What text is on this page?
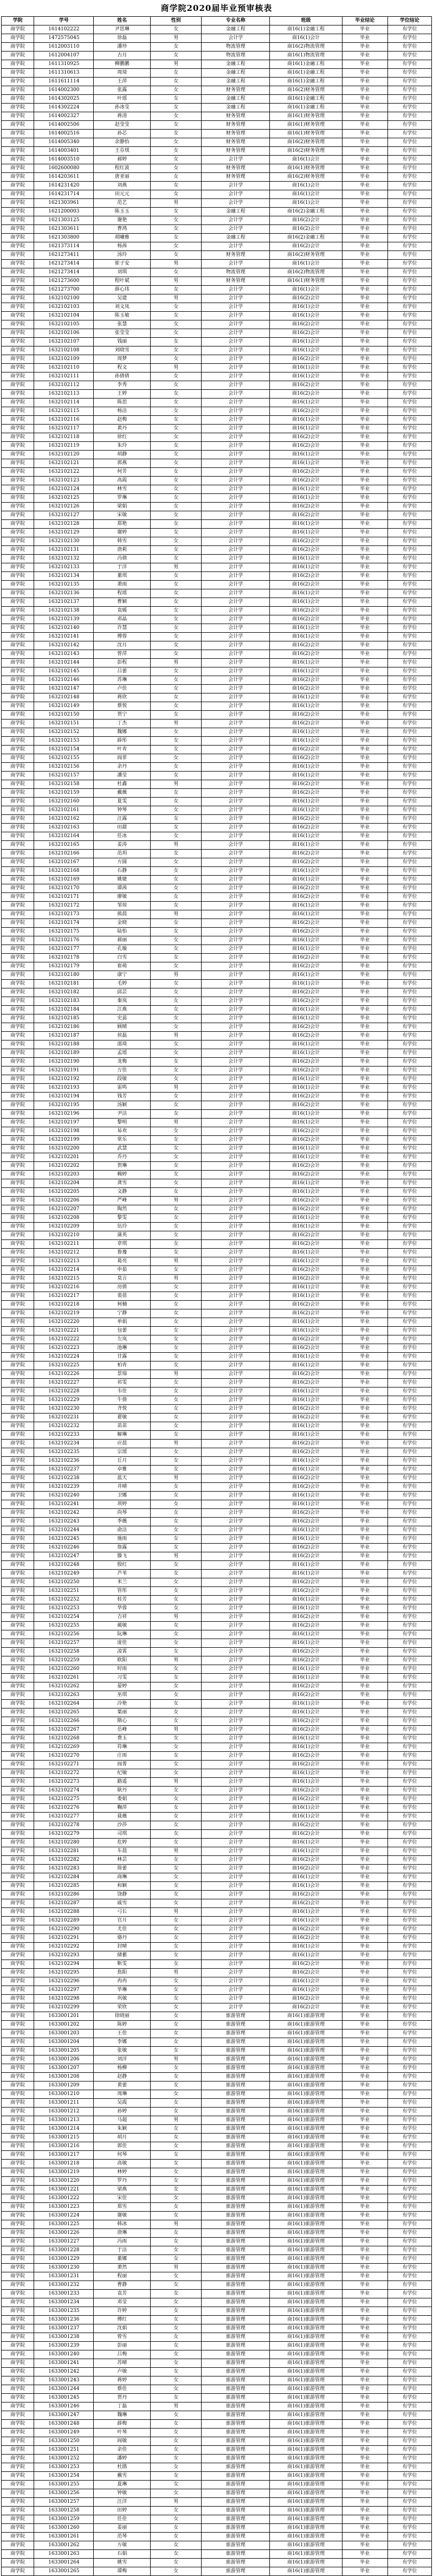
商学院2020届毕业预审核表
学院	学号	姓名	性别	专业名称	班级	毕业结论	学位结论
商学院	1614102222	尹思琳	女	金融工程	商16(1)金融工程	毕业	有学位
商学院	1472575045	徐磊	男	会计学	商16(1)会计	毕业	有学位
商学院	1612003110	潘珍	女	物流管理	商16(2)物流管理	毕业	有学位
商学院	1612004107	古月	女	物流管理	商16(1)物流管理	毕业	有学位
商学院	1611310925	柳鹏鹏	男	金融工程	商16(1)金融工程	毕业	有学位
商学院	1611310613	周琦	女	金融工程	商16(1)金融工程	毕业	有学位
商学院	1611611114	王萍	女	金融工程	商16(1)金融工程	毕业	有学位
商学院	1614002300	张露	女	财务管理	商16(2)财务管理	毕业	有学位
商学院	1614302025	叶瑶	女	金融工程	商16(1)金融工程	毕业	有学位
商学院	1614302224	孙冰莹	女	金融工程	商16(1)金融工程	毕业	有学位
商学院	1614002327	蒋清	女	财务管理	商16(1)财务管理	毕业	有学位
商学院	1614002506	赵莹莹	女	财务管理	商16(1)财务管理	毕业	有学位
商学院	1614002516	孙芯	女	财务管理	商16(1)财务管理	毕业	有学位
商学院	1614005340	余静怡	女	财务管理	商16(2)财务管理	毕业	有学位
商学院	1614003401	王芬琪	女	财务管理	商16(2)财务管理	毕业	有学位
商学院	1614003510	郝婷	女	会计学	商16(1)会计	毕业	有学位
商学院	1602600080	程红波	女	财务管理	商16(1)财务管理	毕业	有学位
商学院	1614203611	唐亚丽	女	财务管理	商16(2)财务管理	毕业	有学位
商学院	1614231420	刘燕	女	会计学	商16(1)会计	毕业	有学位
商学院	1614231714	田元元	女	会计学	商16(1)会计	毕业	有学位
商学院	1621303961	范艺	男	会计学	商16(1)会计	毕业	有学位
商学院	1621200003	陈玉玉	女	金融工程	商16(2)金融工程	毕业	有学位
商学院	1621303125	谢艳	女	会计学	商16(2)会计	毕业	有学位
商学院	1621303611	曹鸿	女	会计学	商16(2)会计	毕业	有学位
商学院	1621303800	胡曦雅	女	金融工程	商16(2)金融工程	毕业	有学位
商学院	1621373114	杨茜	女	会计学	商16(2)会计	毕业	有学位
商学院	1621273411	汤玲	女	财务管理	商16(2)财务管理	毕业	有学位
商学院	1621273414	崔子安	男	会计学	商16(1)会计	毕业	有学位
商学院	1621273414	刘琪	女	物流管理	商16(2)物流管理	毕业	有学位
商学院	1621273600	程叶斌	男	财务管理	商16(1)财务管理	毕业	有学位
商学院	1621273700	薛心玮	女	会计学	商16(1)会计	毕业	有学位
商学院	1632102100	吴建	男	会计学	商16(2)会计	毕业	有学位
商学院	1632102103	刘文凤	女	会计学	商16(1)会计	毕业	有学位
商学院	1632102104	陈玉敏	女	会计学	商16(1)会计	毕业	有学位
商学院	1632102105	张慧	女	会计学	商16(2)会计	毕业	有学位
商学院	1632102106	张莹莹	女	会计学	商16(2)会计	毕业	有学位
商学院	1632102107	钱丽	女	会计学	商16(1)会计	毕业	有学位
商学院	1632102108	刘晓雪	女	会计学	商16(1)会计	毕业	有学位
商学院	1632102109	周梦	女	会计学	商16(2)会计	毕业	有学位
商学院	1632102110	程文	男	会计学	商16(1)会计	毕业	有学位
商学院	1632102111	孙倩倩	女	会计学	商16(1)会计	毕业	有学位
商学院	1632102112	李秀	女	会计学	商16(2)会计	毕业	有学位
商学院	1632102113	王婷	女	会计学	商16(2)会计	毕业	有学位
商学院	1632102114	陈思	女	会计学	商16(1)会计	毕业	有学位
商学院	1632102115	杨洁	女	会计学	商16(2)会计	毕业	有学位
商学院	1632102116	赵梅	女	会计学	商16(1)会计	毕业	有学位
商学院	1632102117	黄丹	女	会计学	商16(1)会计	毕业	有学位
商学院	1632102118	徐红	女	会计学	商16(2)会计	毕业	有学位
商学院	1632102119	朱玲	女	会计学	商16(2)会计	毕业	有学位
商学院	1632102120	胡静	女	会计学	商16(1)会计	毕业	有学位
商学院	1632102121	郭燕	女	会计学	商16(1)会计	毕业	有学位
商学院	1632102122	何芳	女	会计学	商16(2)会计	毕业	有学位
商学院	1632102123	高霞	女	会计学	商16(2)会计	毕业	有学位
商学院	1632102124	林雪	女	会计学	商16(1)会计	毕业	有学位
商学院	1632102125	罗琳	女	会计学	商16(1)会计	毕业	有学位
商学院	1632102126	梁娟	女	会计学	商16(2)会计	毕业	有学位
商学院	1632102127	宋敏	女	会计学	商16(2)会计	毕业	有学位
商学院	1632102128	郑艳	女	会计学	商16(1)会计	毕业	有学位
商学院	1632102129	谢婷	女	会计学	商16(1)会计	毕业	有学位
商学院	1632102130	韩雪	女	会计学	商16(2)会计	毕业	有学位
商学院	1632102131	唐莉	女	会计学	商16(2)会计	毕业	有学位
商学院	1632102132	冯倩	女	会计学	商16(1)会计	毕业	有学位
商学院	1632102133	于洋	男	会计学	商16(1)会计	毕业	有学位
商学院	1632102134	董琪	女	会计学	商16(2)会计	毕业	有学位
商学院	1632102135	萧雨	女	会计学	商16(2)会计	毕业	有学位
商学院	1632102136	程瑶	女	会计学	商16(1)会计	毕业	有学位
商学院	1632102137	曹颖	女	会计学	商16(1)会计	毕业	有学位
商学院	1632102138	袁媛	女	会计学	商16(2)会计	毕业	有学位
商学院	1632102139	邓晶	女	会计学	商16(2)会计	毕业	有学位
商学院	1632102140	许慧	女	会计学	商16(1)会计	毕业	有学位
商学院	1632102141	傅蓉	女	会计学	商16(1)会计	毕业	有学位
商学院	1632102142	沈月	女	会计学	商16(2)会计	毕业	有学位
商学院	1632102143	曾萍	女	会计学	商16(2)会计	毕业	有学位
商学院	1632102144	彭程	男	会计学	商16(1)会计	毕业	有学位
商学院	1632102145	吕蕾	女	会计学	商16(1)会计	毕业	有学位
商学院	1632102146	苏琳	女	会计学	商16(2)会计	毕业	有学位
商学院	1632102147	卢佳	女	会计学	商16(2)会计	毕业	有学位
商学院	1632102148	蒋欣	女	会计学	商16(1)会计	毕业	有学位
商学院	1632102149	蔡悦	女	会计学	商16(1)会计	毕业	有学位
商学院	1632102150	贾宁	女	会计学	商16(2)会计	毕业	有学位
商学院	1632102151	丁杰	男	会计学	商16(2)会计	毕业	有学位
商学院	1632102152	魏娜	女	会计学	商16(1)会计	毕业	有学位
商学院	1632102153	薛彤	女	会计学	商16(1)会计	毕业	有学位
商学院	1632102154	叶青	女	会计学	商16(2)会计	毕业	有学位
商学院	1632102155	阎菲	女	会计学	商16(2)会计	毕业	有学位
商学院	1632102156	余丹	女	会计学	商16(1)会计	毕业	有学位
商学院	1632102157	潘莹	女	会计学	商16(1)会计	毕业	有学位
商学院	1632102158	杜鑫	男	会计学	商16(2)会计	毕业	有学位
商学院	1632102159	戴薇	女	会计学	商16(2)会计	毕业	有学位
商学院	1632102160	夏雯	女	会计学	商16(1)会计	毕业	有学位
商学院	1632102161	钟琴	女	会计学	商16(1)会计	毕业	有学位
商学院	1632102162	汪露	女	会计学	商16(2)会计	毕业	有学位
商学院	1632102163	田甜	女	会计学	商16(2)会计	毕业	有学位
商学院	1632102164	任冰	女	会计学	商16(1)会计	毕业	有学位
商学院	1632102165	姜涛	男	会计学	商16(1)会计	毕业	有学位
商学院	1632102166	范玥	女	会计学	商16(2)会计	毕业	有学位
商学院	1632102167	方圆	女	会计学	商16(2)会计	毕业	有学位
商学院	1632102168	石静	女	会计学	商16(1)会计	毕业	有学位
商学院	1632102169	姚婕	女	会计学	商16(1)会计	毕业	有学位
商学院	1632102170	谭茜	女	会计学	商16(2)会计	毕业	有学位
商学院	1632102171	廖敏	女	会计学	商16(2)会计	毕业	有学位
商学院	1632102172	邹琼	女	会计学	商16(1)会计	毕业	有学位
商学院	1632102173	熊晨	男	会计学	商16(1)会计	毕业	有学位
商学院	1632102174	金晓	女	会计学	商16(2)会计	毕业	有学位
商学院	1632102175	陆怡	女	会计学	商16(2)会计	毕业	有学位
商学院	1632102176	郝丽	女	会计学	商16(1)会计	毕业	有学位
商学院	1632102177	孔璇	女	会计学	商16(1)会计	毕业	有学位
商学院	1632102178	白雪	女	会计学	商16(2)会计	毕业	有学位
商学院	1632102179	崔萌	女	会计学	商16(2)会计	毕业	有学位
商学院	1632102180	康宁	男	会计学	商16(1)会计	毕业	有学位
商学院	1632102181	毛婷	女	会计学	商16(1)会计	毕业	有学位
商学院	1632102182	邱芸	女	会计学	商16(2)会计	毕业	有学位
商学院	1632102183	秦岚	女	会计学	商16(2)会计	毕业	有学位
商学院	1632102184	江燕	女	会计学	商16(1)会计	毕业	有学位
商学院	1632102185	史蕊	女	会计学	商16(1)会计	毕业	有学位
商学院	1632102186	顾晴	女	会计学	商16(2)会计	毕业	有学位
商学院	1632102187	侯磊	男	会计学	商16(2)会计	毕业	有学位
商学院	1632102188	邵琦	女	会计学	商16(1)会计	毕业	有学位
商学院	1632102189	孟瑶	女	会计学	商16(1)会计	毕业	有学位
商学院	1632102190	龙梅	女	会计学	商16(2)会计	毕业	有学位
商学院	1632102191	万佳	女	会计学	商16(2)会计	毕业	有学位
商学院	1632102192	段敏	女	会计学	商16(1)会计	毕业	有学位
商学院	1632102193	雷鸣	男	会计学	商16(1)会计	毕业	有学位
商学院	1632102194	钱芳	女	会计学	商16(2)会计	毕业	有学位
商学院	1632102195	汤颖	女	会计学	商16(2)会计	毕业	有学位
商学院	1632102196	尹洁	女	会计学	商16(1)会计	毕业	有学位
商学院	1632102197	黎明	男	会计学	商16(1)会计	毕业	有学位
商学院	1632102198	易欢	女	会计学	商16(2)会计	毕业	有学位
商学院	1632102199	常乐	女	会计学	商16(2)会计	毕业	有学位
商学院	1632102200	武慧	女	会计学	商16(1)会计	毕业	有学位
商学院	1632102201	乔丹	女	会计学	商16(1)会计	毕业	有学位
商学院	1632102202	贺琳	女	会计学	商16(2)会计	毕业	有学位
商学院	1632102203	赖婷	女	会计学	商16(2)会计	毕业	有学位
商学院	1632102204	龚雪	女	会计学	商16(1)会计	毕业	有学位
商学院	1632102205	文静	女	会计学	商16(1)会计	毕业	有学位
商学院	1632102206	严峰	男	会计学	商16(2)会计	毕业	有学位
商学院	1632102207	陶然	女	会计学	商16(2)会计	毕业	有学位
商学院	1632102208	黎雯	女	会计学	商16(1)会计	毕业	有学位
商学院	1632102209	伍玲	女	会计学	商16(1)会计	毕业	有学位
商学院	1632102210	蒲英	女	会计学	商16(2)会计	毕业	有学位
商学院	1632102211	章琪	女	会计学	商16(2)会计	毕业	有学位
商学院	1632102212	鲁豫	女	会计学	商16(1)会计	毕业	有学位
商学院	1632102213	葛亮	男	会计学	商16(1)会计	毕业	有学位
商学院	1632102214	申茹	女	会计学	商16(2)会计	毕业	有学位
商学院	1632102215	莫言	男	会计学	商16(2)会计	毕业	有学位
商学院	1632102216	房倩	女	会计学	商16(1)会计	毕业	有学位
商学院	1632102217	裴蓓	女	会计学	商16(1)会计	毕业	有学位
商学院	1632102218	柯楠	女	会计学	商16(2)会计	毕业	有学位
商学院	1632102219	宁静	女	会计学	商16(2)会计	毕业	有学位
商学院	1632102220	单娟	女	会计学	商16(1)会计	毕业	有学位
商学院	1632102221	包蕾	女	会计学	商16(1)会计	毕业	有学位
商学院	1632102222	左岚	女	会计学	商16(2)会计	毕业	有学位
商学院	1632102223	池琳	女	会计学	商16(2)会计	毕业	有学位
商学院	1632102224	甘露	女	会计学	商16(1)会计	毕业	有学位
商学院	1632102225	柏青	女	会计学	商16(1)会计	毕业	有学位
商学院	1632102226	景瑞	男	会计学	商16(2)会计	毕业	有学位
商学院	1632102227	祁雯	女	会计学	商16(2)会计	毕业	有学位
商学院	1632102228	韦佳	女	会计学	商16(1)会计	毕业	有学位
商学院	1632102229	牛倩	女	会计学	商16(1)会计	毕业	有学位
商学院	1632102230	齐悦	女	会计学	商16(2)会计	毕业	有学位
商学院	1632102231	翟敏	女	会计学	商16(2)会计	毕业	有学位
商学院	1632102232	苗苗	女	会计学	商16(1)会计	毕业	有学位
商学院	1632102233	解琳	女	会计学	商16(1)会计	毕业	有学位
商学院	1632102234	应晨	男	会计学	商16(2)会计	毕业	有学位
商学院	1632102235	宗瑶	女	会计学	商16(2)会计	毕业	有学位
商学院	1632102236	丘月	女	会计学	商16(1)会计	毕业	有学位
商学院	1632102237	卓雅	女	会计学	商16(1)会计	毕业	有学位
商学院	1632102238	蓝天	男	会计学	商16(2)会计	毕业	有学位
商学院	1632102239	井晴	女	会计学	商16(2)会计	毕业	有学位
商学院	1632102240	卫娜	女	会计学	商16(1)会计	毕业	有学位
商学院	1632102241	项婷	女	会计学	商16(1)会计	毕业	有学位
商学院	1632102242	尚琴	女	会计学	商16(2)会计	毕业	有学位
商学院	1632102243	季薇	女	会计学	商16(2)会计	毕业	有学位
商学院	1632102244	俞洁	女	会计学	商16(1)会计	毕业	有学位
商学院	1632102245	施雨	女	会计学	商16(1)会计	毕业	有学位
商学院	1632102246	詹露	女	会计学	商16(2)会计	毕业	有学位
商学院	1632102247	滕飞	男	会计学	商16(2)会计	毕业	有学位
商学院	1632102248	殷红	女	会计学	商16(1)会计	毕业	有学位
商学院	1632102249	芦苇	女	会计学	商16(1)会计	毕业	有学位
商学院	1632102250	米兰	女	会计学	商16(2)会计	毕业	有学位
商学院	1632102251	管彤	女	会计学	商16(2)会计	毕业	有学位
商学院	1632102252	桂芳	女	会计学	商16(1)会计	毕业	有学位
商学院	1632102253	华蓉	女	会计学	商16(1)会计	毕业	有学位
商学院	1632102254	吉祥	男	会计学	商16(2)会计	毕业	有学位
商学院	1632102255	蔺敏	女	会计学	商16(2)会计	毕业	有学位
商学院	1632102256	阮琳	女	会计学	商16(1)会计	毕业	有学位
商学院	1632102257	庞佳	女	会计学	商16(1)会计	毕业	有学位
商学院	1632102258	凌霄	女	会计学	商16(2)会计	毕业	有学位
商学院	1632102259	欧阳	男	会计学	商16(2)会计	毕业	有学位
商学院	1632102260	时雨	女	会计学	商16(1)会计	毕业	有学位
商学院	1632102261	习雯	女	会计学	商16(1)会计	毕业	有学位
商学院	1632102262	晏婷	女	会计学	商16(2)会计	毕业	有学位
商学院	1632102263	巫琪	女	会计学	商16(2)会计	毕业	有学位
商学院	1632102264	冷艳	女	会计学	商16(1)会计	毕业	有学位
商学院	1632102265	粟丽	女	会计学	商16(1)会计	毕业	有学位
商学院	1632102266	隋心	女	会计学	商16(2)会计	毕业	有学位
商学院	1632102267	岳峰	男	会计学	商16(2)会计	毕业	有学位
商学院	1632102268	费玉	女	会计学	商16(1)会计	毕业	有学位
商学院	1632102269	符琳	女	会计学	商16(1)会计	毕业	有学位
商学院	1632102270	庄雨	女	会计学	商16(2)会计	毕业	有学位
商学院	1632102271	阎菁	女	会计学	商16(2)会计	毕业	有学位
商学院	1632102272	纪敏	女	会计学	商16(1)会计	毕业	有学位
商学院	1632102273	路遥	男	会计学	商16(1)会计	毕业	有学位
商学院	1632102274	耿丹	女	会计学	商16(2)会计	毕业	有学位
商学院	1632102275	娄娟	女	会计学	商16(2)会计	毕业	有学位
商学院	1632102276	鞠萍	女	会计学	商16(1)会计	毕业	有学位
商学院	1632102277	聂薇	女	会计学	商16(1)会计	毕业	有学位
商学院	1632102278	沙莎	女	会计学	商16(2)会计	毕业	有学位
商学院	1632102279	司琪	女	会计学	商16(2)会计	毕业	有学位
商学院	1632102280	危婷	女	会计学	商16(1)会计	毕业	有学位
商学院	1632102281	车晨	男	会计学	商16(1)会计	毕业	有学位
商学院	1632102282	林芸	女	会计学	商16(2)会计	毕业	有学位
商学院	1632102283	简蕾	女	会计学	商16(2)会计	毕业	有学位
商学院	1632102284	商琳	女	会计学	商16(1)会计	毕业	有学位
商学院	1632102285	和颖	女	会计学	商16(1)会计	毕业	有学位
商学院	1632102286	饶静	女	会计学	商16(2)会计	毕业	有学位
商学院	1632102287	戚雪	女	会计学	商16(2)会计	毕业	有学位
商学院	1632102288	弓长	男	会计学	商16(1)会计	毕业	有学位
商学院	1632102289	官月	女	会计学	商16(1)会计	毕业	有学位
商学院	1632102290	尤佳	女	会计学	商16(2)会计	毕业	有学位
商学院	1632102291	骆丹	女	会计学	商16(2)会计	毕业	有学位
商学院	1632102292	封晴	女	会计学	商16(1)会计	毕业	有学位
商学院	1632102293	储蓄	女	会计学	商16(1)会计	毕业	有学位
商学院	1632102294	靳雯	女	会计学	商16(2)会计	毕业	有学位
商学院	1632102295	焦阳	男	会计学	商16(2)会计	毕业	有学位
商学院	1632102296	冉冉	女	会计学	商16(1)会计	毕业	有学位
商学院	1632102297	毕琳	女	会计学	商16(1)会计	毕业	有学位
商学院	1632102298	巩敏	女	会计学	商16(2)会计	毕业	有学位
商学院	1632102299	荣欣	女	会计学	商16(2)会计	毕业	有学位
商学院	1633001201	徐晓丽	女	旅游管理	商16(1)旅游管理	毕业	有学位
商学院	1633001202	陈婷	女	旅游管理	商16(1)旅游管理	毕业	有学位
商学院	1633001203	王佳	女	旅游管理	商16(1)旅游管理	毕业	有学位
商学院	1633001204	李娜	女	旅游管理	商16(1)旅游管理	毕业	有学位
商学院	1633001205	张敏	女	旅游管理	商16(1)旅游管理	毕业	有学位
商学院	1633001206	刘洋	男	旅游管理	商16(1)旅游管理	毕业	有学位
商学院	1633001207	杨柳	女	旅游管理	商16(1)旅游管理	毕业	有学位
商学院	1633001208	赵静	女	旅游管理	商16(1)旅游管理	毕业	有学位
商学院	1633001209	黄蕾	女	旅游管理	商16(1)旅游管理	毕业	有学位
商学院	1633001210	周琳	女	旅游管理	商16(1)旅游管理	毕业	有学位
商学院	1633001211	吴霞	女	旅游管理	商16(1)旅游管理	毕业	有学位
商学院	1633001212	孙婷	女	旅游管理	商16(1)旅游管理	毕业	有学位
商学院	1633001213	马超	男	旅游管理	商16(1)旅游管理	毕业	有学位
商学院	1633001214	朱颖	女	旅游管理	商16(1)旅游管理	毕业	有学位
商学院	1633001215	胡月	女	旅游管理	商16(1)旅游管理	毕业	有学位
商学院	1633001216	郭佳	女	旅游管理	商16(1)旅游管理	毕业	有学位
商学院	1633001217	何琴	女	旅游管理	商16(1)旅游管理	毕业	有学位
商学院	1633001218	高敏	女	旅游管理	商16(1)旅游管理	毕业	有学位
商学院	1633001219	林婷	女	旅游管理	商16(1)旅游管理	毕业	有学位
商学院	1633001220	罗丹	女	旅游管理	商16(1)旅游管理	毕业	有学位
商学院	1633001221	梁燕	女	旅游管理	商16(1)旅游管理	毕业	有学位
商学院	1633001222	宋佳	女	旅游管理	商16(1)旅游管理	毕业	有学位
商学院	1633001223	郑雪	女	旅游管理	商16(1)旅游管理	毕业	有学位
商学院	1633001224	谢敏	女	旅游管理	商16(1)旅游管理	毕业	有学位
商学院	1633001225	韩冰	男	旅游管理	商16(1)旅游管理	毕业	有学位
商学院	1633001226	唐琳	女	旅游管理	商16(1)旅游管理	毕业	有学位
商学院	1633001227	冯雨	女	旅游管理	商16(1)旅游管理	毕业	有学位
商学院	1633001228	于洁	女	旅游管理	商16(1)旅游管理	毕业	有学位
商学院	1633001229	董娜	女	旅游管理	商16(1)旅游管理	毕业	有学位
商学院	1633001230	萧然	男	旅游管理	商16(1)旅游管理	毕业	有学位
商学院	1633001231	程丽	女	旅游管理	商16(1)旅游管理	毕业	有学位
商学院	1633001232	曹静	女	旅游管理	商16(1)旅游管理	毕业	有学位
商学院	1633001233	袁芳	女	旅游管理	商16(1)旅游管理	毕业	有学位
商学院	1633001234	邓莹	女	旅游管理	商16(1)旅游管理	毕业	有学位
商学院	1633001235	许婷	女	旅游管理	商16(1)旅游管理	毕业	有学位
商学院	1633001236	傅红	女	旅游管理	商16(1)旅游管理	毕业	有学位
商学院	1633001237	沈娟	女	旅游管理	商16(1)旅游管理	毕业	有学位
商学院	1633001238	曾雪	女	旅游管理	商16(1)旅游管理	毕业	有学位
商学院	1633001239	彭丽	女	旅游管理	商16(1)旅游管理	毕业	有学位
商学院	1633001240	吕梅	女	旅游管理	商16(1)旅游管理	毕业	有学位
商学院	1633001241	苏晴	女	旅游管理	商16(1)旅游管理	毕业	有学位
商学院	1633001242	卢敏	女	旅游管理	商16(1)旅游管理	毕业	有学位
商学院	1633001243	蒋婷	女	旅游管理	商16(1)旅游管理	毕业	有学位
商学院	1633001244	蔡佳	女	旅游管理	商16(1)旅游管理	毕业	有学位
商学院	1633001245	贾丹	女	旅游管理	商16(1)旅游管理	毕业	有学位
商学院	1633001246	丁磊	男	旅游管理	商16(1)旅游管理	毕业	有学位
商学院	1633001247	魏琳	女	旅游管理	商16(1)旅游管理	毕业	有学位
商学院	1633001248	薛梅	女	旅游管理	商16(1)旅游管理	毕业	有学位
商学院	1633001249	叶琴	女	旅游管理	商16(1)旅游管理	毕业	有学位
商学院	1633001250	阎敏	女	旅游管理	商16(1)旅游管理	毕业	有学位
商学院	1633001251	余佳	女	旅游管理	商16(1)旅游管理	毕业	有学位
商学院	1633001252	潘婷	女	旅游管理	商16(1)旅游管理	毕业	有学位
商学院	1633001253	杜鹃	女	旅游管理	商16(1)旅游管理	毕业	有学位
商学院	1633001254	戴雪	女	旅游管理	商16(1)旅游管理	毕业	有学位
商学院	1633001255	夏琳	女	旅游管理	商16(1)旅游管理	毕业	有学位
商学院	1633001256	钟敏	女	旅游管理	商16(1)旅游管理	毕业	有学位
商学院	1633001257	汪洋	男	旅游管理	商16(1)旅游管理	毕业	有学位
商学院	1633001258	田婷	女	旅游管理	商16(1)旅游管理	毕业	有学位
商学院	1633001259	任佳	女	旅游管理	商16(1)旅游管理	毕业	有学位
商学院	1633001260	姜丽	女	旅游管理	商16(1)旅游管理	毕业	有学位
商学院	1633001261	范琴	女	旅游管理	商16(1)旅游管理	毕业	有学位
商学院	1633001262	方敏	女	旅游管理	商16(1)旅游管理	毕业	有学位
商学院	1633001263	石娟	女	旅游管理	商16(1)旅游管理	毕业	有学位
商学院	1633001264	姚雪	女	旅游管理	商16(1)旅游管理	毕业	有学位
商学院	1633001265	谭梅	女	旅游管理	商16(1)旅游管理	毕业	有学位
